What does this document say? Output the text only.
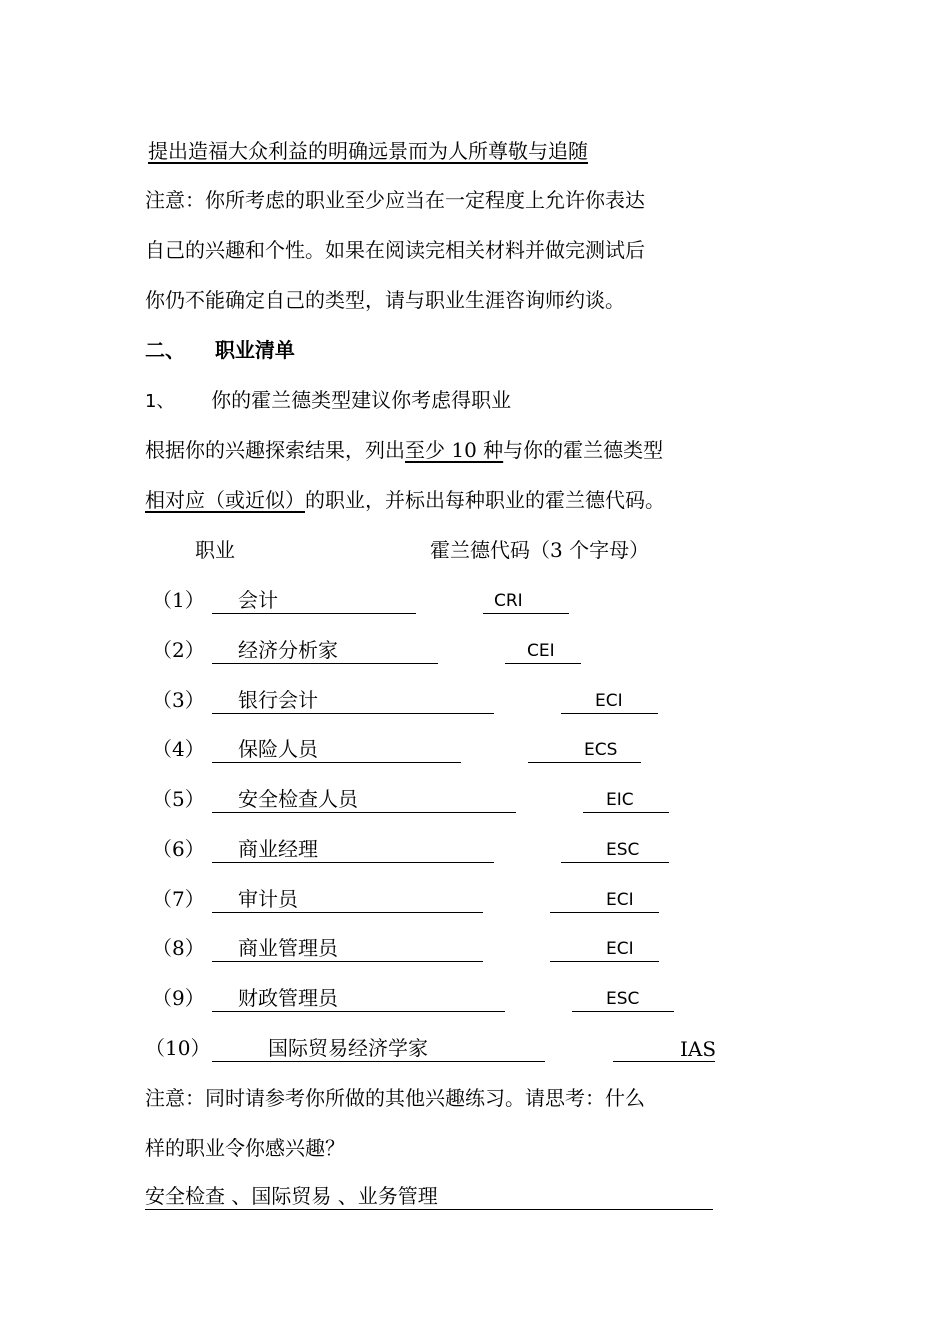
提出造福大众利益的明确远景而为人所尊敬与追随
注意：你所考虑的职业至少应当在一定程度上允许你表达
自己的兴趣和个性。如果在阅读完相关材料并做完测试后
你仍不能确定自己的类型，请与职业生涯咨询师约谈。
二、 职业清单
1、 你的霍兰德类型建议你考虑得职业
根据你的兴趣探索结果，列出至少 10 种与你的霍兰德类型
相对应（或近似）的职业，并标出每种职业的霍兰德代码。
职业	霍兰德代码（3 个字母）
（1） 会计	CRI
（2） 经济分析家	CEI
（3） 银行会计	ECI
（4） 保险人员	ECS
（5） 安全检查人员	EIC
（6） 商业经理	ESC
（7） 审计员	ECI
（8） 商业管理员	ECI
（9） 财政管理员	ESC
（10）	国际贸易经济学家	IAS
注意：同时请参考你所做的其他兴趣练习。请思考：什么
样的职业令你感兴趣？
安全检查 、国际贸易 、业务管理
